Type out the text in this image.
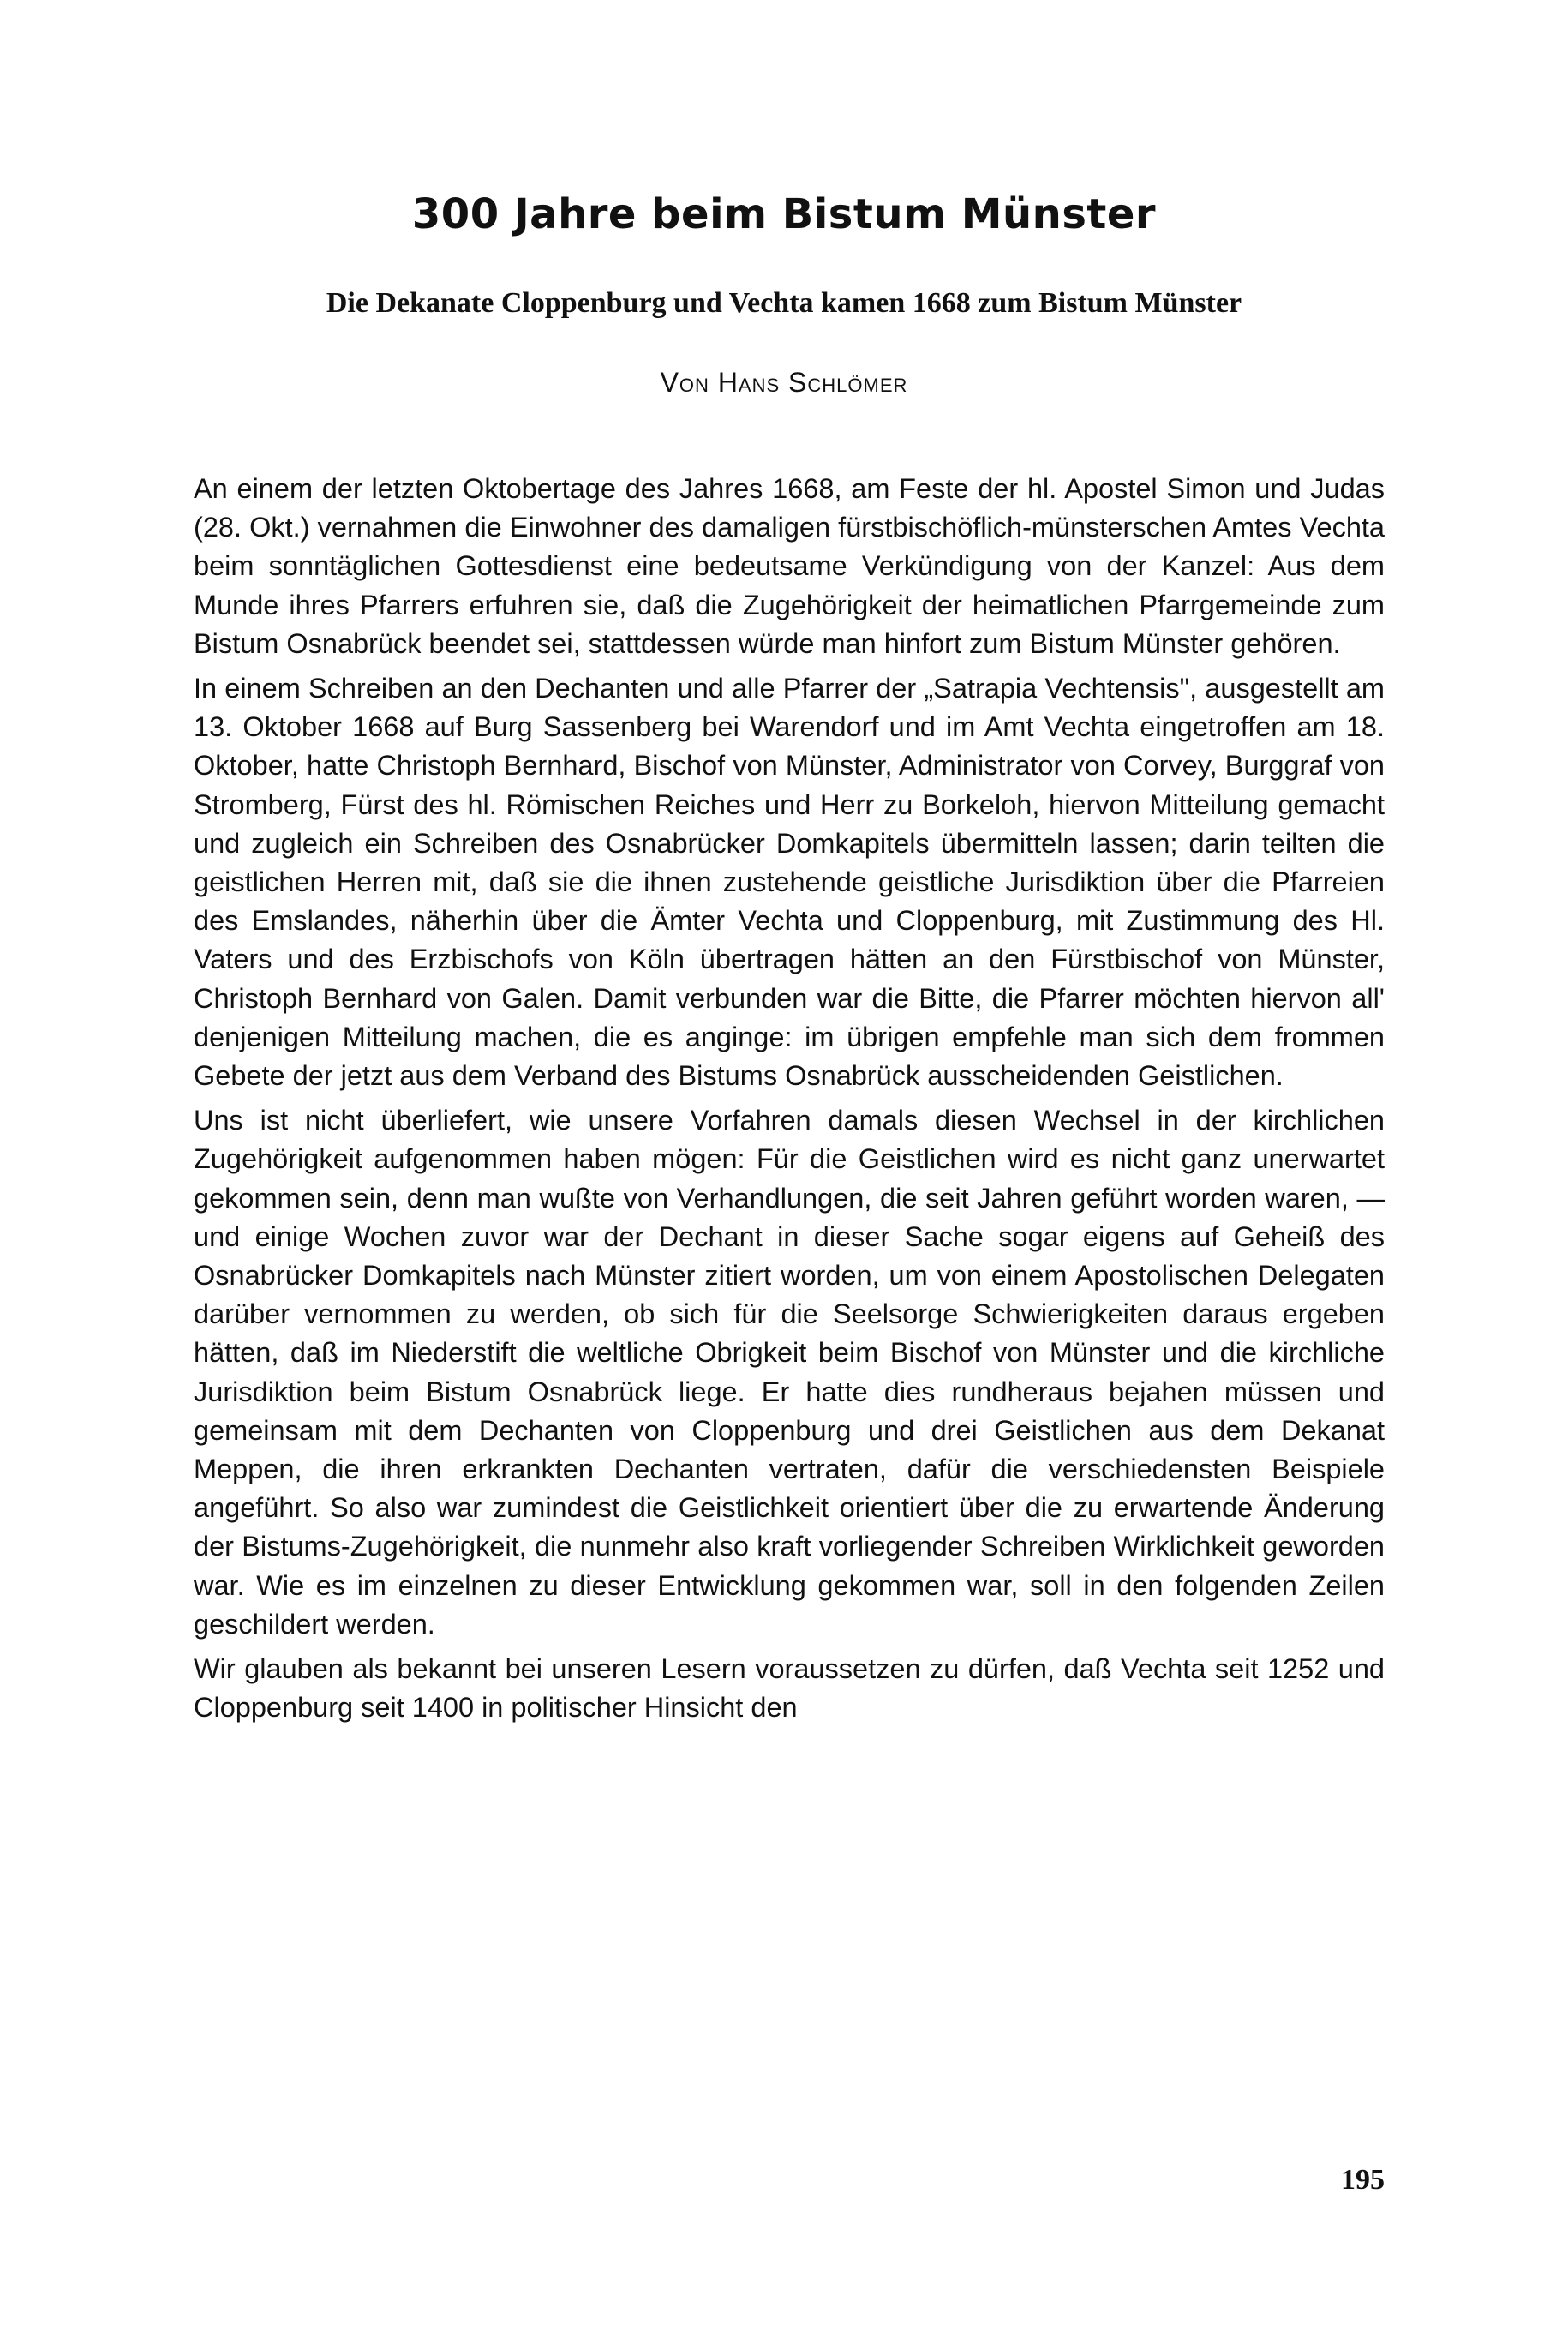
300 Jahre beim Bistum Münster
Die Dekanate Cloppenburg und Vechta kamen 1668 zum Bistum Münster
Von Hans Schlömer

An einem der letzten Oktobertage des Jahres 1668, am Feste der hl. Apostel Simon und Judas (28. Okt.) vernahmen die Einwohner des damaligen fürstbischöflich-münsterschen Amtes Vechta beim sonntäglichen Gottesdienst eine bedeutsame Verkündigung von der Kanzel: Aus dem Munde ihres Pfarrers erfuhren sie, daß die Zugehörigkeit der heimatlichen Pfarrgemeinde zum Bistum Osnabrück beendet sei, stattdessen würde man hinfort zum Bistum Münster gehören.

In einem Schreiben an den Dechanten und alle Pfarrer der „Satrapia Vechtensis", ausgestellt am 13. Oktober 1668 auf Burg Sassenberg bei Warendorf und im Amt Vechta eingetroffen am 18. Oktober, hatte Christoph Bernhard, Bischof von Münster, Administrator von Corvey, Burggraf von Stromberg, Fürst des hl. Römischen Reiches und Herr zu Borkeloh, hiervon Mitteilung gemacht und zugleich ein Schreiben des Osnabrücker Domkapitels übermitteln lassen; darin teilten die geistlichen Herren mit, daß sie die ihnen zustehende geistliche Jurisdiktion über die Pfarreien des Emslandes, näherhin über die Ämter Vechta und Cloppenburg, mit Zustimmung des Hl. Vaters und des Erzbischofs von Köln übertragen hätten an den Fürstbischof von Münster, Christoph Bernhard von Galen. Damit verbunden war die Bitte, die Pfarrer möchten hiervon all' denjenigen Mitteilung machen, die es anginge: im übrigen empfehle man sich dem frommen Gebete der jetzt aus dem Verband des Bistums Osnabrück ausscheidenden Geistlichen.

Uns ist nicht überliefert, wie unsere Vorfahren damals diesen Wechsel in der kirchlichen Zugehörigkeit aufgenommen haben mögen: Für die Geistlichen wird es nicht ganz unerwartet gekommen sein, denn man wußte von Verhandlungen, die seit Jahren geführt worden waren, — und einige Wochen zuvor war der Dechant in dieser Sache sogar eigens auf Geheiß des Osnabrücker Domkapitels nach Münster zitiert worden, um von einem Apostolischen Delegaten darüber vernommen zu werden, ob sich für die Seelsorge Schwierigkeiten daraus ergeben hätten, daß im Niederstift die weltliche Obrigkeit beim Bischof von Münster und die kirchliche Jurisdiktion beim Bistum Osnabrück liege. Er hatte dies rundheraus bejahen müssen und gemeinsam mit dem Dechanten von Cloppenburg und drei Geistlichen aus dem Dekanat Meppen, die ihren erkrankten Dechanten vertraten, dafür die verschiedensten Beispiele angeführt. So also war zumindest die Geistlichkeit orientiert über die zu erwartende Änderung der Bistums-Zugehörigkeit, die nunmehr also kraft vorliegender Schreiben Wirklichkeit geworden war. Wie es im einzelnen zu dieser Entwicklung gekommen war, soll in den folgenden Zeilen geschildert werden.

Wir glauben als bekannt bei unseren Lesern voraussetzen zu dürfen, daß Vechta seit 1252 und Cloppenburg seit 1400 in politischer Hinsicht den

195
